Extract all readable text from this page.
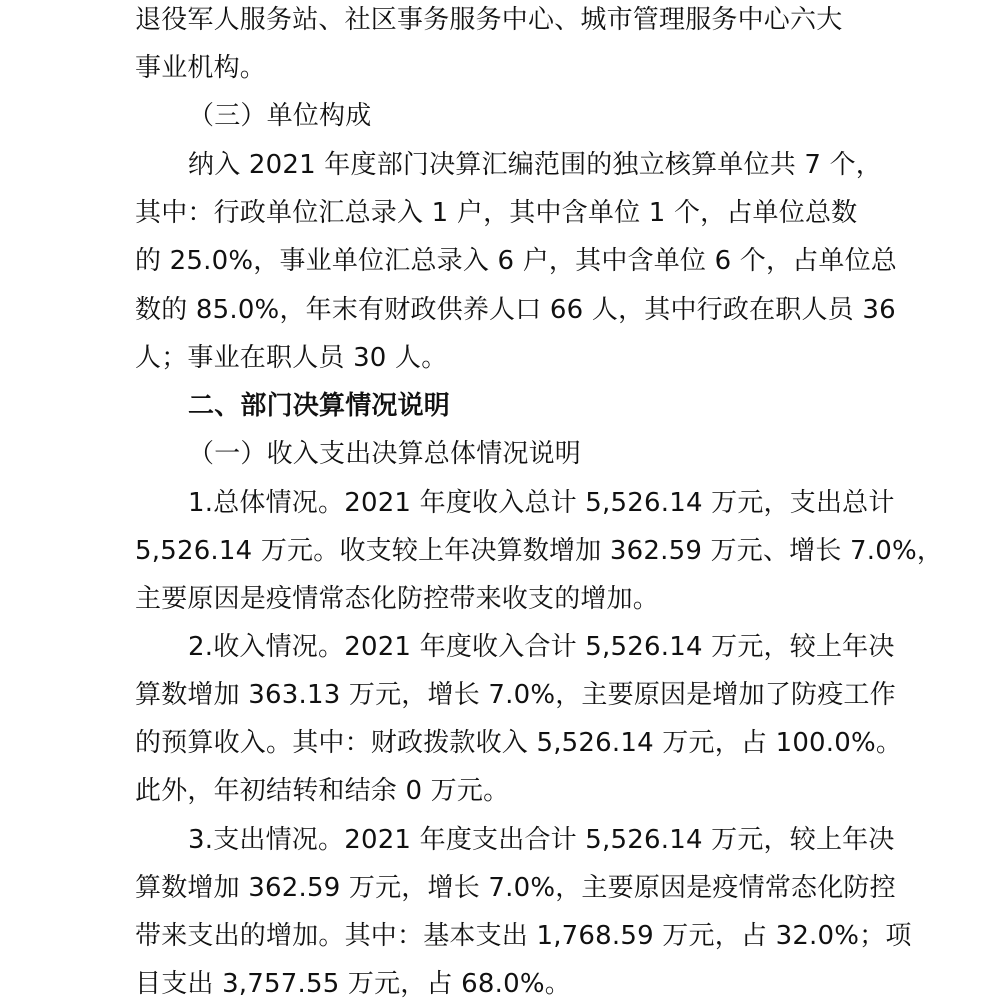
退役军人服务站、社区事务服务中心、城市管理服务中心六大
事业机构。
（三）单位构成
纳入 2021 年度部门决算汇编范围的独立核算单位共 7 个，
其中：行政单位汇总录入 1 户，其中含单位 1 个，占单位总数
的 25.0%，事业单位汇总录入 6 户，其中含单位 6 个，占单位总
数的 85.0%，年末有财政供养人口 66 人，其中行政在职人员 36
人；事业在职人员 30 人。
二、部门决算情况说明
（一）收入支出决算总体情况说明
1.总体情况。2021 年度收入总计 5,526.14 万元，支出总计
5,526.14 万元。收支较上年决算数增加 362.59 万元、增长 7.0%，
主要原因是疫情常态化防控带来收支的增加。
2.收入情况。2021 年度收入合计 5,526.14 万元，较上年决
算数增加 363.13 万元，增长 7.0%，主要原因是增加了防疫工作
的预算收入。其中：财政拨款收入 5,526.14 万元，占 100.0%。
此外，年初结转和结余 0 万元。
3.支出情况。2021 年度支出合计 5,526.14 万元，较上年决
算数增加 362.59 万元，增长 7.0%，主要原因是疫情常态化防控
带来支出的增加。其中：基本支出 1,768.59 万元，占 32.0%；项
目支出 3,757.55 万元，占 68.0%。
